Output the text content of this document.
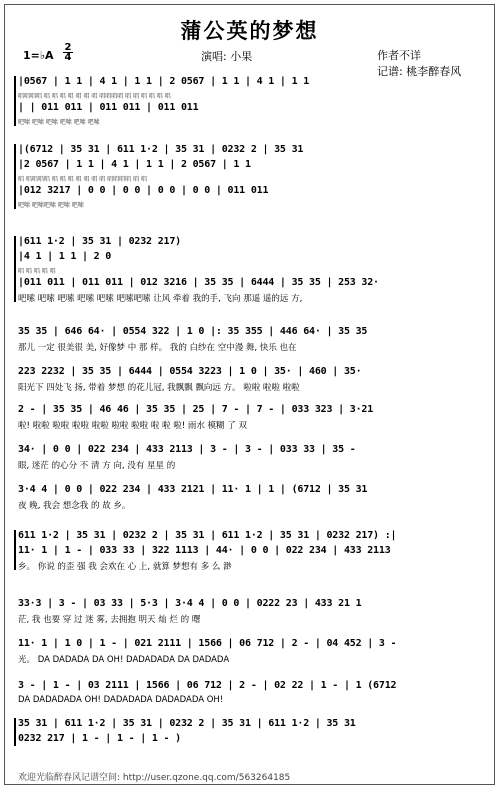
蒲公英的梦想
1=♭A
2
4	演唱: 小果	作者不详
记谱: 桃李醉春风
|0567 | 1 1 | 4 1 | 1 1 | 2 0567 | 1 1 | 4 1 | 1 1
唱唱唱唱 唱 唱 唱 唱 唱 唱 唱 唱唱唱唱 唱 唱 唱 唱 唱 唱
| | 011 011 | 011 011 | 011 011
吧嗦 吧嗦 吧嗦 吧嗦 吧嗦 吧嗦
|(6712 | 35 31 | 611 1·2 | 35 31 | 0232 2 | 35 31
|2 0567 | 1 1 | 4 1 | 1 1 | 2 0567 | 1 1
唱 唱唱唱唱 唱 唱 唱 唱 唱 唱 唱 唱唱唱唱 唱 唱
|012 3217 | 0 0 | 0 0 | 0 0 | 0 0 | 011 011
吧嗦 吧嗦吧嗦 吧嗦 吧嗦
|611 1·2 | 35 31 | 0232 217)
|4 1 | 1 1 | 2 0
唱 唱 唱 唱 唱
|011 011 | 011 011 | 012 3216 | 35 35 | 6444 | 35 35 | 253 32·
吧嗦 吧嗦 吧嗦 吧嗦 吧嗦 吧嗦吧嗦 让风 牵着 我的手, 飞向 那遥 遥的远 方,
35 35 | 646 64· | 0554 322 | 1 0 |: 35 355 | 446 64· | 35 35
那儿 一定 很美很 美, 好像梦 中 那 样。 我的 白纱在 空中漫 舞, 快乐 也在
223 2232 | 35 35 | 6444 | 0554 3223 | 1 0 | 35· | 460 | 35·
阳光下 四处飞 扬, 带着 梦想 的花儿冠, 我飘飘 飘向远 方。 啦啦 啦啦 啦啦
2 - | 35 35 | 46 46 | 35 35 | 25 | 7 - | 7 - | 033 323 | 3·21
啦! 啦啦 啦啦 啦啦 啦啦 啦啦 啦啦 啦 啦 啦! 雨水 模糊 了 双
34· | 0 0 | 022 234 | 433 2113 | 3 - | 3 - | 033 33 | 35 -
眼, 迷茫 的心分 不 清 方 向, 没有 星星 的
3·4 4 | 0 0 | 022 234 | 433 2121 | 11· 1 | 1 | (6712 | 35 31
夜 晚, 我会 想念我 的 故 乡。
611 1·2 | 35 31 | 0232 2 | 35 31 | 611 1·2 | 35 31 | 0232 217) :|
11· 1 | 1 - | 033 33 | 322 1113 | 44· | 0 0 | 022 234 | 433 2113
乡。 你说 的歪 强 我 会欢在 心 上, 就算 梦想有 多 么 渺
33·3 | 3 - | 03 33 | 5·3 | 3·4 4 | 0 0 | 0222 23 | 433 21 1
茫, 我 也要 穿 过 迷 雾, 去拥抱 明天 灿 烂 的 曙
11· 1 | 1 0 | 1 - | 021 2111 | 1566 | 06 712 | 2 - | 04 452 | 3 -
光。 DA DADADA DA OH! DADADADA DA DADADA
3 - | 1 - | 03 2111 | 1566 | 06 712 | 2 - | 02 22 | 1 - | 1 (6712
DA DADADADA OH! DADADADA DADADADA OH!
35 31 | 611 1·2 | 35 31 | 0232 2 | 35 31 | 611 1·2 | 35 31
0232 217 | 1 - | 1 - | 1 - )
欢迎光临醉春风记谱空间: http://user.qzone.qq.com/563264185
